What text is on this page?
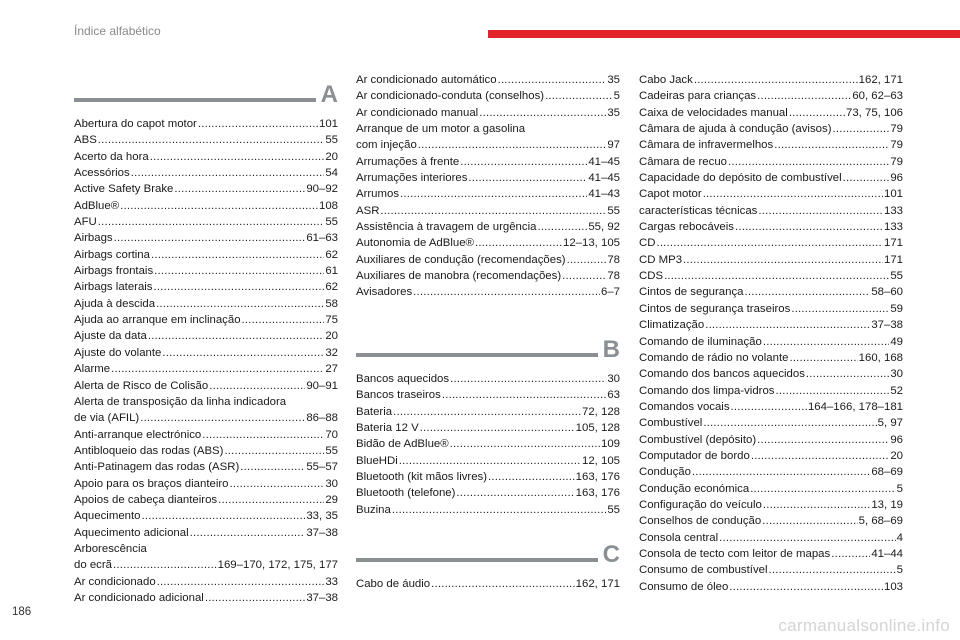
Índice alfabético
A
Abertura do capot motor .....	101
ABS .....	55
Acerto da hora .....	20
Acessórios .....	54
Active Safety Brake .....	90–92
AdBlue® .....	108
AFU .....	55
Airbags .....	61–63
Airbags cortina .....	62
Airbags frontais .....	61
Airbags laterais .....	62
Ajuda à descida .....	58
Ajuda ao arranque em inclinação .....	75
Ajuste da data .....	20
Ajuste do volante .....	32
Alarme .....	27
Alerta de Risco de Colisão .....	90–91
Alerta de transposição da linha indicadora
de via (AFIL) .....	86–88
Anti-arranque electrónico .....	70
Antibloqueio das rodas (ABS) .....	55
Anti-Patinagem das rodas (ASR) .....	55–57
Apoio para os braços dianteiro .....	30
Apoios de cabeça dianteiros .....	29
Aquecimento .....	33, 35
Aquecimento adicional .....	37–38
Arborescência
do ecrã .....	169–170, 172, 175, 177
Ar condicionado .....	33
Ar condicionado adicional .....	37–38
Ar condicionado automático .....	35
Ar condicionado-conduta (conselhos) .....	5
Ar condicionado manual .....	35
Arranque de um motor a gasolina
com injeção .....	97
Arrumações à frente .....	41–45
Arrumações interiores .....	41–45
Arrumos .....	41–43
ASR .....	55
Assistência à travagem de urgência .....	55, 92
Autonomia de AdBlue® .....	12–13, 105
Auxiliares de condução (recomendações) .....	78
Auxiliares de manobra (recomendações) .....	78
Avisadores .....	6–7
B
Bancos aquecidos .....	30
Bancos traseiros .....	63
Bateria .....	72, 128
Bateria 12 V .....	105, 128
Bidão de AdBlue® .....	109
BlueHDi .....	12, 105
Bluetooth (kit mãos livres) .....	163, 176
Bluetooth (telefone) .....	163, 176
Buzina .....	55
C
Cabo de áudio .....	162, 171
Cabo Jack .....	162, 171
Cadeiras para crianças .....	60, 62–63
Caixa de velocidades manual .....	73, 75, 106
Câmara de ajuda à condução (avisos) .....	79
Câmara de infravermelhos .....	79
Câmara de recuo .....	79
Capacidade do depósito de combustível .....	96
Capot motor .....	101
características técnicas .....	133
Cargas rebocáveis .....	133
CD .....	171
CD MP3 .....	171
CDS .....	55
Cintos de segurança .....	58–60
Cintos de segurança traseiros .....	59
Climatização .....	37–38
Comando de iluminação .....	49
Comando de rádio no volante .....	160, 168
Comando dos bancos aquecidos .....	30
Comando dos limpa-vidros .....	52
Comandos vocais .....	164–166, 178–181
Combustível .....	5, 97
Combustível (depósito) .....	96
Computador de bordo .....	20
Condução .....	68–69
Condução económica .....	5
Configuração do veículo .....	13, 19
Conselhos de condução .....	5, 68–69
Consola central .....	4
Consola de tecto com leitor de mapas .....	41–44
Consumo de combustível .....	5
Consumo de óleo .....	103
186
carmanualsonline.info
